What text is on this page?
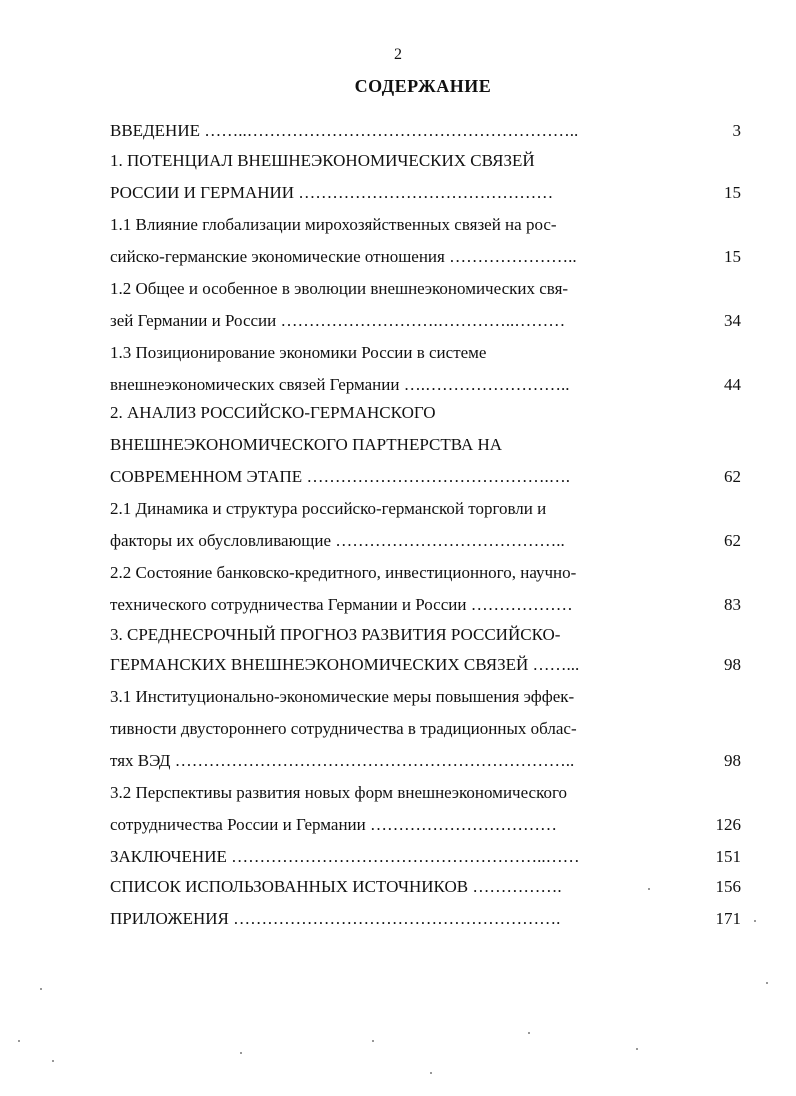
2
СОДЕРЖАНИЕ
ВВЕДЕНИЕ ……..…………………………………………………..	3
1. ПОТЕНЦИАЛ ВНЕШНЕЭКОНОМИЧЕСКИХ СВЯЗЕЙ
РОССИИ И ГЕРМАНИИ ………………………………………	15
1.1 Влияние глобализации мирохозяйственных связей на рос-
сийско-германские экономические отношения …………………..	15
1.2 Общее и особенное в эволюции внешнеэкономических свя-
зей Германии и России ……………………….…………..………	34
1.3 Позиционирование экономики России в системе
внешнеэкономических связей Германии ….……………………..	44
2. АНАЛИЗ РОССИЙСКО-ГЕРМАНСКОГО
ВНЕШНЕЭКОНОМИЧЕСКОГО ПАРТНЕРСТВА НА
СОВРЕМЕННОМ ЭТАПЕ …………………………………….….	62
2.1 Динамика и структура российско-германской торговли и
факторы их обусловливающие …………………………………..	62
2.2 Состояние банковско-кредитного, инвестиционного, научно-
технического сотрудничества Германии и России ………………	83
3. СРЕДНЕСРОЧНЫЙ ПРОГНОЗ РАЗВИТИЯ РОССИЙСКО-
ГЕРМАНСКИХ ВНЕШНЕЭКОНОМИЧЕСКИХ СВЯЗЕЙ ……...	98
3.1 Институционально-экономические меры повышения эффек-
тивности двустороннего сотрудничества в традиционных облас-
тях ВЭД ……………………………………………………………..	98
3.2 Перспективы развития новых форм внешнеэкономического
сотрудничества России и Германии ……………………………	126
ЗАКЛЮЧЕНИЕ ………………………………………………..……	151
СПИСОК ИСПОЛЬЗОВАННЫХ ИСТОЧНИКОВ …………….	156
ПРИЛОЖЕНИЯ ………………………………………………….	171
